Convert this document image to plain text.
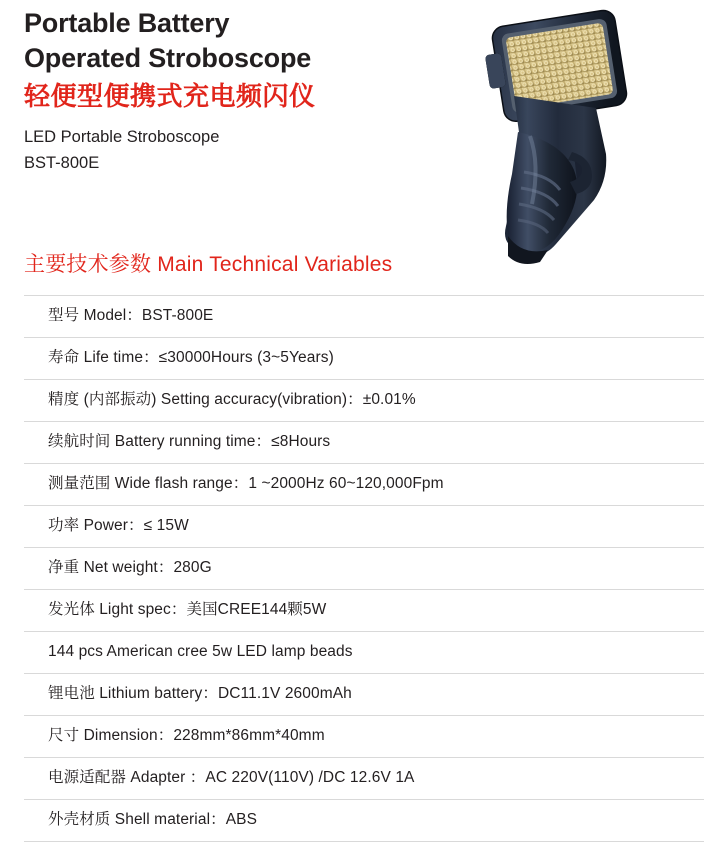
Portable Battery
Operated Stroboscope
轻便型便携式充电频闪仪
LED Portable Stroboscope
BST-800E
主要技术参数 Main Technical Variables
型号 Model：BST-800E
寿命 Life time：≤30000Hours (3~5Years)
精度 (内部振动) Setting accuracy(vibration)：±0.01%
续航时间 Battery running time：≤8Hours
测量范围 Wide flash range：1 ~2000Hz 60~120,000Fpm
功率 Power：≤ 15W
净重 Net weight：280G
发光体 Light spec：美国CREE144颗5W
144 pcs American cree 5w LED lamp beads
锂电池 Lithium battery：DC11.1V 2600mAh
尺寸 Dimension：228mm*86mm*40mm
电源适配器 Adapter ：AC 220V(110V) /DC 12.6V 1A
外壳材质 Shell material：ABS
